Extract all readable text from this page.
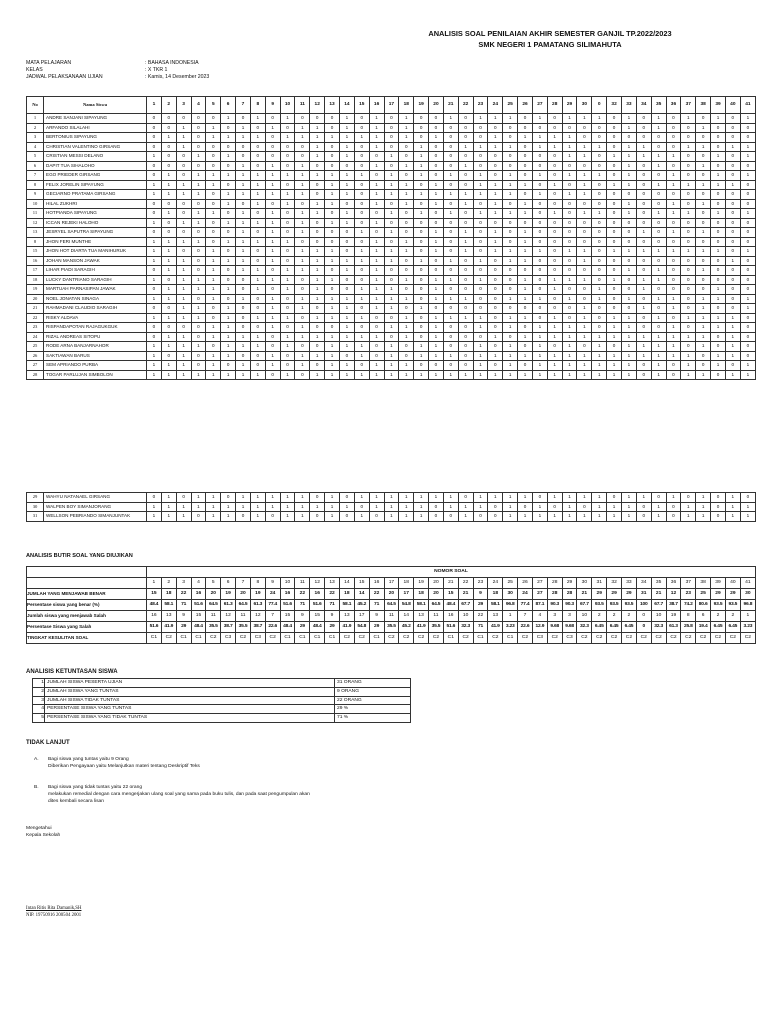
ANALISIS SOAL PENILAIAN AKHIR SEMESTER GANJIL TP.2022/2023
SMK NEGERI 1 PAMATANG SILIMAHUTA
MATA PELAJARAN	: BAHASA INDONESIA
KELAS	: X TKR 1
JADWAL PELAKSANAAN UJIAN	: Kamis, 14 Desember 2023
No	Nama Siswa	1	2	3	4	5	6	7	8	9	10	11	12	13	14	15	16	17	18	19	20	21	22	23	24	25	26	27	28	29	30	0	32	33	34	35	36	37	38	39	40	41
1	ANDRE SANJANI SIPAYUNG	0	0	0	0	0	1	0	1	0	1	0	0	0	1	0	1	0	1	0	0	1	0	1	1	1	0	1	0	1	1	1	0	1	0	1	0	1	0	1	0	1
2	ARFANDO SILALAHI	0	0	1	0	1	0	1	0	1	0	1	1	0	1	0	1	0	1	0	0	0	0	0	0	0	0	0	0	0	0	0	0	1	0	1	0	0	1	0	0	0
3	BERTONIUS SIPAYUNG	0	1	1	0	1	1	1	1	0	1	1	1	1	1	1	1	0	1	0	1	0	0	0	1	0	1	1	1	1	0	0	0	0	0	0	0	0	0	0	0	0
4	CHRISTIAN VALENTINO GIRSANG	0	0	1	0	0	0	0	0	0	0	0	1	0	1	0	1	0	0	1	0	0	1	1	1	1	0	1	1	1	1	1	0	1	1	0	0	1	1	0	1	1
5	CRISTIAN MESSI DELANO	1	0	0	1	0	1	0	0	0	0	0	1	0	1	0	0	1	0	1	0	0	0	0	0	0	0	0	0	1	1	0	1	1	1	1	1	0	0	1	0	1
6	DAPIT TUA SIHALOHO	0	0	0	0	0	0	1	0	1	0	1	0	0	0	0	1	0	1	1	0	0	1	0	0	0	0	0	0	0	0	0	0	1	0	1	0	0	1	0	0	0
7	EGO PRIEDER GIRSANG	0	1	0	1	1	1	1	1	1	1	1	1	1	1	1	0	1	0	1	0	1	0	1	0	1	0	1	0	1	1	1	0	1	0	0	1	0	0	1	0	1
8	FELIX JORELIN SIPAYUNG	1	1	1	1	1	0	1	1	1	0	1	0	1	1	0	1	1	1	0	1	0	0	1	1	1	1	0	1	0	1	0	1	1	0	1	1	1	1	1	1	0
9	GECIARNO PRATAMA GIRSANG	1	1	1	1	0	1	1	1	1	1	1	0	1	1	0	1	1	1	1	1	1	1	1	1	1	0	1	0	1	1	0	0	0	0	0	0	0	0	0	0	0
10	HILAL ZUKHRI	0	0	0	0	0	1	0	1	0	1	0	1	1	0	0	1	0	1	0	1	0	1	0	1	0	1	0	0	0	0	0	0	1	0	0	1	0	1	0	0	0
11	HOTPIANDA SIPAYUNG	0	1	0	1	1	0	1	0	1	0	1	1	0	1	0	0	1	0	1	0	1	0	1	1	1	1	0	1	0	1	1	0	1	0	1	1	1	0	1	0	1
12	ICCAN REJEKI HALOHO	1	0	1	1	0	1	1	1	1	0	1	0	1	1	0	1	0	0	0	0	0	0	0	0	0	0	0	0	0	0	0	0	0	0	0	0	0	0	0	0	0
13	JESRYEL SAPUTRA SIPAYUNG	0	0	0	0	0	0	1	0	1	0	1	0	0	0	1	0	1	0	0	1	0	1	0	1	0	1	0	0	0	0	0	0	0	1	0	1	0	1	0	0	0
8	JHON FERI MUNTHE	1	1	1	1	0	1	1	1	1	1	0	0	0	0	0	1	0	1	0	1	0	1	0	1	0	1	0	0	0	0	0	0	0	0	0	0	0	0	0	0	0
15	JHON HOT DIARTA TUA MANIHURUK	1	1	0	0	1	0	1	0	1	0	1	1	1	0	1	1	1	1	0	1	0	1	0	1	1	1	1	0	1	1	0	1	1	1	1	1	1	1	1	0	1
16	JOHAN MANSON JAWAK	1	1	1	0	1	1	1	0	1	0	1	1	1	1	1	1	1	0	1	0	1	0	1	0	1	1	0	0	0	1	0	0	0	0	0	0	0	0	0	1	0
17	LIHAR PIADI SARAGIH	0	1	1	0	1	0	1	1	0	1	1	1	0	1	0	1	0	0	0	0	0	0	0	0	0	0	0	0	0	0	0	0	1	0	1	0	0	1	0	0	0
18	LUCKY DANTRIANO SARAGIH	1	0	1	1	1	0	0	1	1	1	0	1	1	0	0	1	0	1	0	1	1	0	1	0	0	1	0	1	1	1	0	1	0	1	1	0	0	0	0	0	0
19	MARTUAH PARNASIPAN JAWAK	0	1	1	1	1	1	0	1	0	1	0	1	0	0	1	1	1	0	0	1	0	0	0	0	0	1	0	1	0	0	1	0	0	1	0	0	0	0	1	0	0
20	NOEL JONATAN SINAGA	1	1	1	0	1	0	1	0	1	0	1	1	1	1	1	1	1	1	0	1	1	1	0	0	1	1	1	0	1	0	1	0	1	0	1	1	0	1	1	0	1
21	RAHMADANI CLAUDIO SARAGIH	0	0	1	1	0	1	0	0	1	0	1	0	1	1	0	1	1	0	1	0	0	0	0	0	0	0	0	0	0	1	0	0	0	1	0	1	0	1	0	0	1
22	RISKY ALDAVA	1	1	1	1	0	1	0	1	1	1	0	1	1	1	1	0	0	1	0	1	1	1	1	0	1	1	0	1	0	1	0	1	1	0	1	0	1	1	1	1	0
23	RISPANDAPOTAN RAJAGUKGUK	0	0	0	0	1	1	0	0	1	0	1	0	0	1	0	0	1	1	0	1	0	0	1	0	1	0	1	1	1	1	0	1	1	0	0	1	0	1	1	1	0
24	RIZAL ANDREAS SITOPU	0	1	1	0	1	1	1	1	0	1	1	1	1	1	1	1	0	1	0	1	0	0	0	1	0	1	1	1	1	1	1	1	1	1	1	1	1	1	0	1	0
25	RODE ARNA BANJARNAHOR	1	1	1	1	0	1	1	1	0	1	0	0	1	1	1	0	1	0	1	1	0	0	1	0	1	0	1	0	1	0	1	0	1	1	1	1	0	1	0	1	0
26	SAKTIAWAN BARUS	1	0	1	0	1	1	0	0	1	0	1	1	1	0	1	0	1	0	1	1	1	0	1	1	1	1	1	1	1	1	1	1	1	1	1	1	1	0	1	1	0
27	SEM APRIANDO PURBA	1	1	1	0	1	0	1	0	1	0	1	0	1	1	0	1	1	1	0	0	0	0	1	0	1	0	1	1	1	1	1	1	1	0	1	0	1	0	1	0	1
28	TOGAR PARLUJAN SIMBOLON	1	1	1	1	1	1	1	1	0	1	0	1	1	1	1	1	1	1	1	1	1	1	1	1	1	1	1	1	1	1	1	1	1	0	1	0	1	1	0	1	1
29	WAHYU NATANAEL GIRSANG	0	1	0	1	1	0	1	1	1	1	1	0	1	0	1	1	1	1	1	1	1	0	1	1	1	1	0	1	1	1	1	0	1	1	0	1	0	1	0	1	0
30	WALPEN BOY SIMANJORANG	1	1	1	1	1	1	1	1	1	1	1	1	1	1	0	1	1	1	1	0	1	1	1	0	1	0	1	0	1	0	1	1	1	0	1	0	1	1	0	1	1
31	WELLSON PEBRIANDO SIMANJUNTAK	1	1	1	0	1	1	0	1	0	1	1	0	1	0	1	0	1	1	1	0	0	1	0	0	1	1	1	1	1	1	1	1	1	0	1	0	1	1	0	1	1
ANALISIS BUTIR SOAL YANG DIUJIKAN
	NOMOR SOAL																																								
	1	2	3	4	5	6	7	8	9	10	11	12	13	14	15	16	17	18	19	20	21	22	23	24	25	26	27	28	29	30	31	32	33	34	35	36	37	38	39	40	41
JUMLAH YANG MENJAWAB BENAR	15	18	22	16	20	19	20	19	24	16	22	16	22	18	14	22	20	17	18	20	15	21	9	18	30	24	27	28	28	21	29	29	29	31	21	12	23	25	29	29	30
Persentase siswa yang benar (%)	48.4	58.1	71	51.6	64.5	61.3	64.5	61.3	77.4	51.6	71	51.6	71	58.1	45.2	71	64.5	54.8	58.1	64.5	48.4	67.7	29	58.1	96.8	77.4	87.1	90.3	90.3	67.7	93.5	93.5	93.5	100	67.7	38.7	74.2	80.6	93.5	93.5	96.8
Jumlah siswa yang menjawab Salah	16	13	9	15	11	12	11	12	7	15	9	15	9	13	17	9	11	14	13	11	16	10	22	13	1	7	4	3	3	10	2	2	2	0	10	19	8	6	2	2	1
Persentase Siswa yang Salah	51.6	41.9	29	48.4	35.5	38.7	35.5	38.7	22.6	48.4	29	48.4	29	41.9	54.8	29	35.5	45.2	41.9	35.5	51.6	32.3	71	41.9	3.23	22.6	12.9	9.68	9.68	32.3	6.45	6.45	6.45	0	32.3	61.3	25.8	19.4	6.45	6.45	3.23
TINGKAT KESULITAN SOAL	C1	C2	C1	C1	C2	C3	C2	C3	C2	C1	C1	C1	C1	C2	C2	C1	C2	C2	C2	C2	C1	C2	C1	C2	C1	C2	C3	C2	C3	C2	C2	C2	C2	C2	C2	C2	C2	C2	C2	C2	C2
ANALISIS KETUNTASAN SISWA
1	JUMLAH SISWA PESERTA UJIAN	31 ORANG
2	JUMLAH SISWA YANG TUNTAS	9 ORANG
3	JUMLAH SISWA TIDAK TUNTAS	22 ORANG
4	PERSENTASE SISWA YANG TUNTAS	29 %
5	PERSENTASE SISWA YANG TIDAK TUNTAS	71 %
TIDAK LANJUT
A. Bagi siswa yang tuntas yaitu 9 Orang
Diberikan Pengayaan yaitu Melanjutkan materi tentang Deskriptif Teks
B. Bagi siswa yang tidak tuntas yaitu 22 orang
melakukan remedial dengan cara mengerjakan ulang soal yang sama pada buku tulis, dan pada saat pengumpulan akan
dites kembali secara lisan
Mengetahui
Kepala Sekolah
Intan Ritis Rita Damanik,SH
NIP. 19750916 200504 2001
